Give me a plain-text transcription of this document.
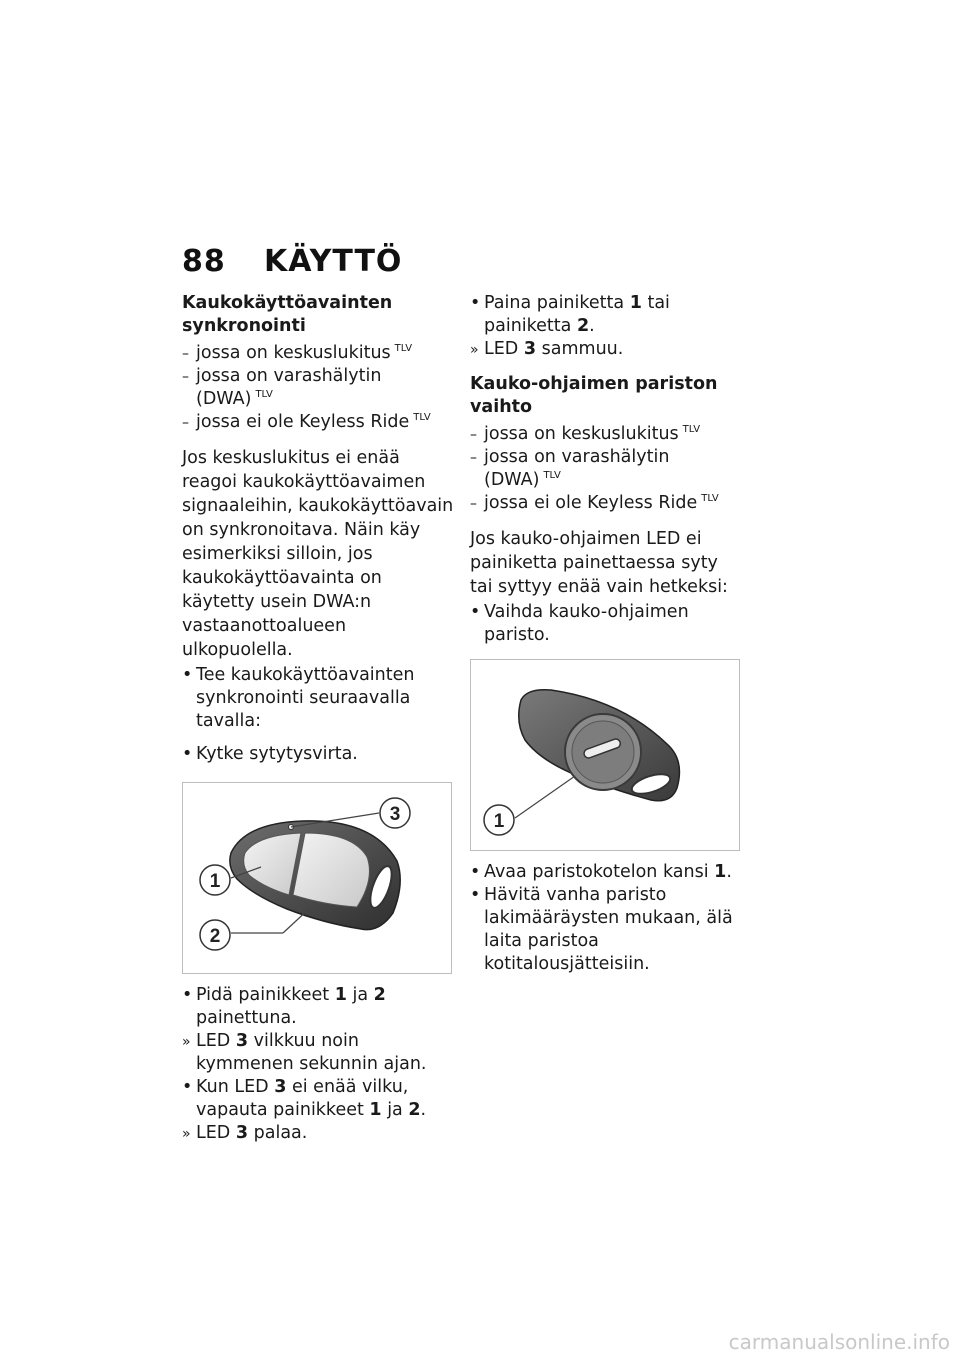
88 KÄYTTÖ

Kaukokäyttöavainten synkronointi

–
jossa on keskuslukitus $^{TLV}$

–
jossa on varashälytin (DWA) $^{TLV}$

–
jossa ei ole Keyless Ride $^{TLV}$

Jos keskuslukitus ei enää reagoi kaukokäyttöavaimen signaaleihin, kaukokäyttöavain on synkronoitava. Näin käy esimerkiksi silloin, jos kaukokäyttöavainta on käytetty usein DWA:n vastaanottoalueen ulkopuolella.

•
Tee kaukokäyttöavainten synkronointi seuraavalla tavalla:

•
Kytke sytytysvirta.

3
1
2

•
Pidä painikkeet 1 ja 2 painettuna.

»
LED 3 vilkkuu noin kymmenen sekunnin ajan.

•
Kun LED 3 ei enää vilku, vapauta painikkeet 1 ja 2.

»
LED 3 palaa.

•
Paina painiketta 1 tai painiketta 2.

»
LED 3 sammuu.

Kauko-ohjaimen pariston vaihto

–
jossa on keskuslukitus $^{TLV}$

–
jossa on varashälytin (DWA) $^{TLV}$

–
jossa ei ole Keyless Ride $^{TLV}$

Jos kauko-ohjaimen LED ei painiketta painettaessa syty tai syttyy enää vain hetkeksi:

•
Vaihda kauko-ohjaimen paristo.

1

•
Avaa paristokotelon kansi 1.

•
Hävitä vanha paristo lakimääräysten mukaan, älä laita paristoa kotitalousjätteisiin.

carmanualsonline.info
